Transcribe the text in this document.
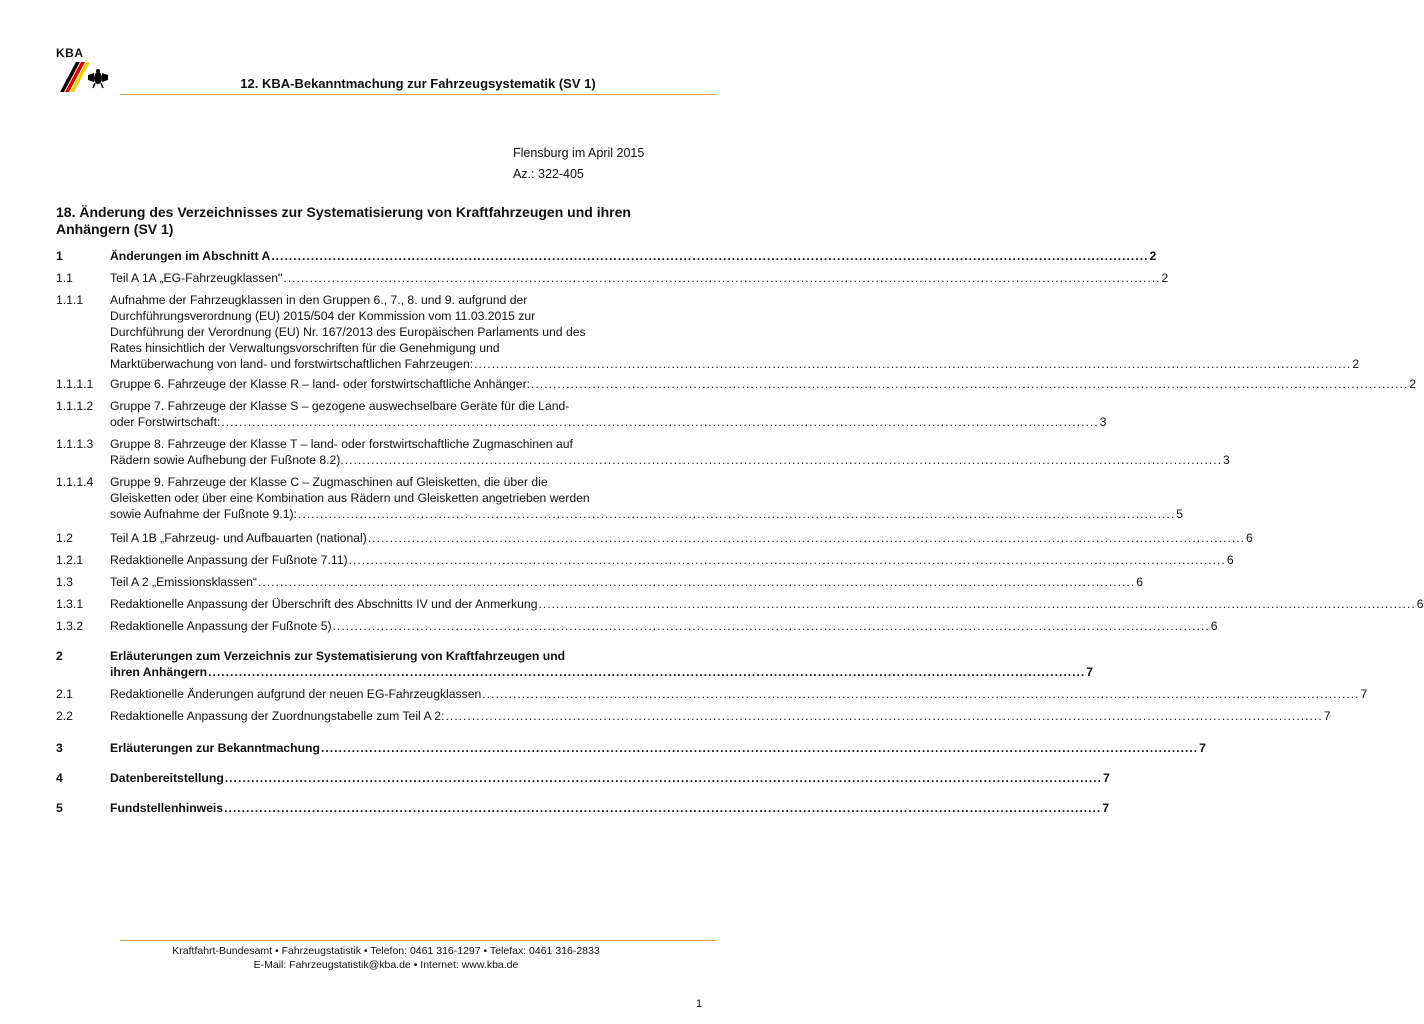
KBA
12. KBA-Bekanntmachung zur Fahrzeugsystematik (SV 1)
Flensburg im April 2015
Az.: 322-405
18. Änderung des Verzeichnisses zur Systematisierung von Kraftfahrzeugen und ihren Anhängern (SV 1)
1	Änderungen im Abschnitt A ........................................................................................................................................................................................................ 2
1.1	Teil A 1A „EG-Fahrzeugklassen" ........................................................................................................................................................................................................ 2
1.1.1 Aufnahme der Fahrzeugklassen in den Gruppen 6., 7., 8. und 9. aufgrund der
Durchführungsverordnung (EU) 2015/504 der Kommission vom 11.03.2015 zur
Durchführung der Verordnung (EU) Nr. 167/2013 des Europäischen Parlaments und des
Rates hinsichtlich der Verwaltungsvorschriften für die Genehmigung und
Marktüberwachung von land- und forstwirtschaftlichen Fahrzeugen: ........................................................................................................................................................................................................ 2
1.1.1.1 Gruppe 6. Fahrzeuge der Klasse R – land- oder forstwirtschaftliche Anhänger: ........................................................................................................................................................................................................ 2
1.1.1.2 Gruppe 7. Fahrzeuge der Klasse S – gezogene auswechselbare Geräte für die Land-
oder Forstwirtschaft: ........................................................................................................................................................................................................ 3
1.1.1.3 Gruppe 8. Fahrzeuge der Klasse T – land- oder forstwirtschaftliche Zugmaschinen auf
Rädern sowie Aufhebung der Fußnote 8.2). ........................................................................................................................................................................................................ 3
1.1.1.4 Gruppe 9. Fahrzeuge der Klasse C – Zugmaschinen auf Gleisketten, die über die
Gleisketten oder über eine Kombination aus Rädern und Gleisketten angetrieben werden
sowie Aufnahme der Fußnote 9.1): ........................................................................................................................................................................................................ 5
1.2	Teil A 1B „Fahrzeug- und Aufbauarten (national) ........................................................................................................................................................................................................ 6
1.2.1 Redaktionelle Anpassung der Fußnote 7.11) ........................................................................................................................................................................................................ 6
1.3	Teil A 2 „Emissionsklassen“ ........................................................................................................................................................................................................ 6
1.3.1 Redaktionelle Anpassung der Überschrift des Abschnitts IV und der Anmerkung ........................................................................................................................................................................................................ 6
1.3.2 Redaktionelle Anpassung der Fußnote 5) ........................................................................................................................................................................................................ 6
2	Erläuterungen zum Verzeichnis zur Systematisierung von Kraftfahrzeugen und
ihren Anhängern ........................................................................................................................................................................................................ 7
2.1	Redaktionelle Änderungen aufgrund der neuen EG-Fahrzeugklassen ........................................................................................................................................................................................................ 7
2.2	Redaktionelle Anpassung der Zuordnungstabelle zum Teil A 2: ........................................................................................................................................................................................................ 7
3	Erläuterungen zur Bekanntmachung ........................................................................................................................................................................................................ 7
4	Datenbereitstellung ........................................................................................................................................................................................................ 7
5	Fundstellenhinweis ........................................................................................................................................................................................................ 7
Kraftfahrt-Bundesamt • Fahrzeugstatistik • Telefon: 0461 316-1297 • Telefax: 0461 316-2833
E-Mail: Fahrzeugstatistik@kba.de • Internet: www.kba.de
1
